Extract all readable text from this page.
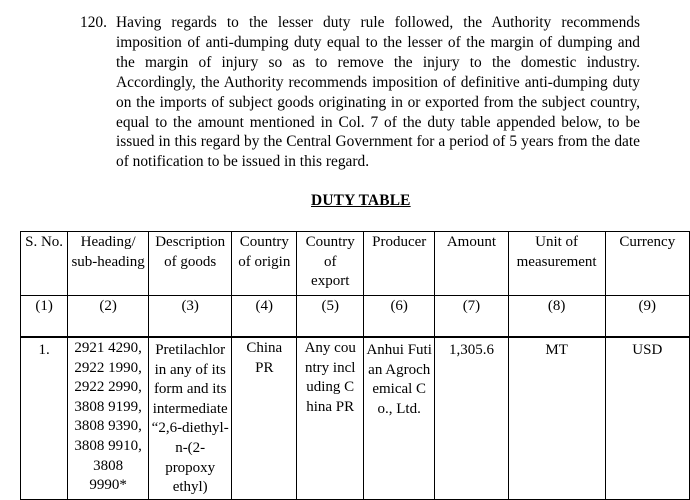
120. Having regards to the lesser duty rule followed, the Authority recommends imposition of anti-dumping duty equal to the lesser of the margin of dumping and the margin of injury so as to remove the injury to the domestic industry. Accordingly, the Authority recommends imposition of definitive anti-dumping duty on the imports of subject goods originating in or exported from the subject country, equal to the amount mentioned in Col. 7 of the duty table appended below, to be issued in this regard by the Central Government for a period of 5 years from the date of notification to be issued in this regard.
DUTY TABLE
S. No.	Heading/ sub-heading	Description of goods	Country of origin	Country of export	Producer	Amount	Unit of measurement	Currency
(1)	(2)	(3)	(4)	(5)	(6)	(7)	(8)	(9)

1.	2921 4290, 2922 1990, 2922 2990, 3808 9199, 3808 9390, 3808 9910, 3808 9990*	Pretilachlor in any of its form and its intermediate “2,6-diethyl-n-(2-propoxy ethyl)	China PR	Any country including China PR	Anhui Futian Agrochemical Co., Ltd.	1,305.6	MT	USD
